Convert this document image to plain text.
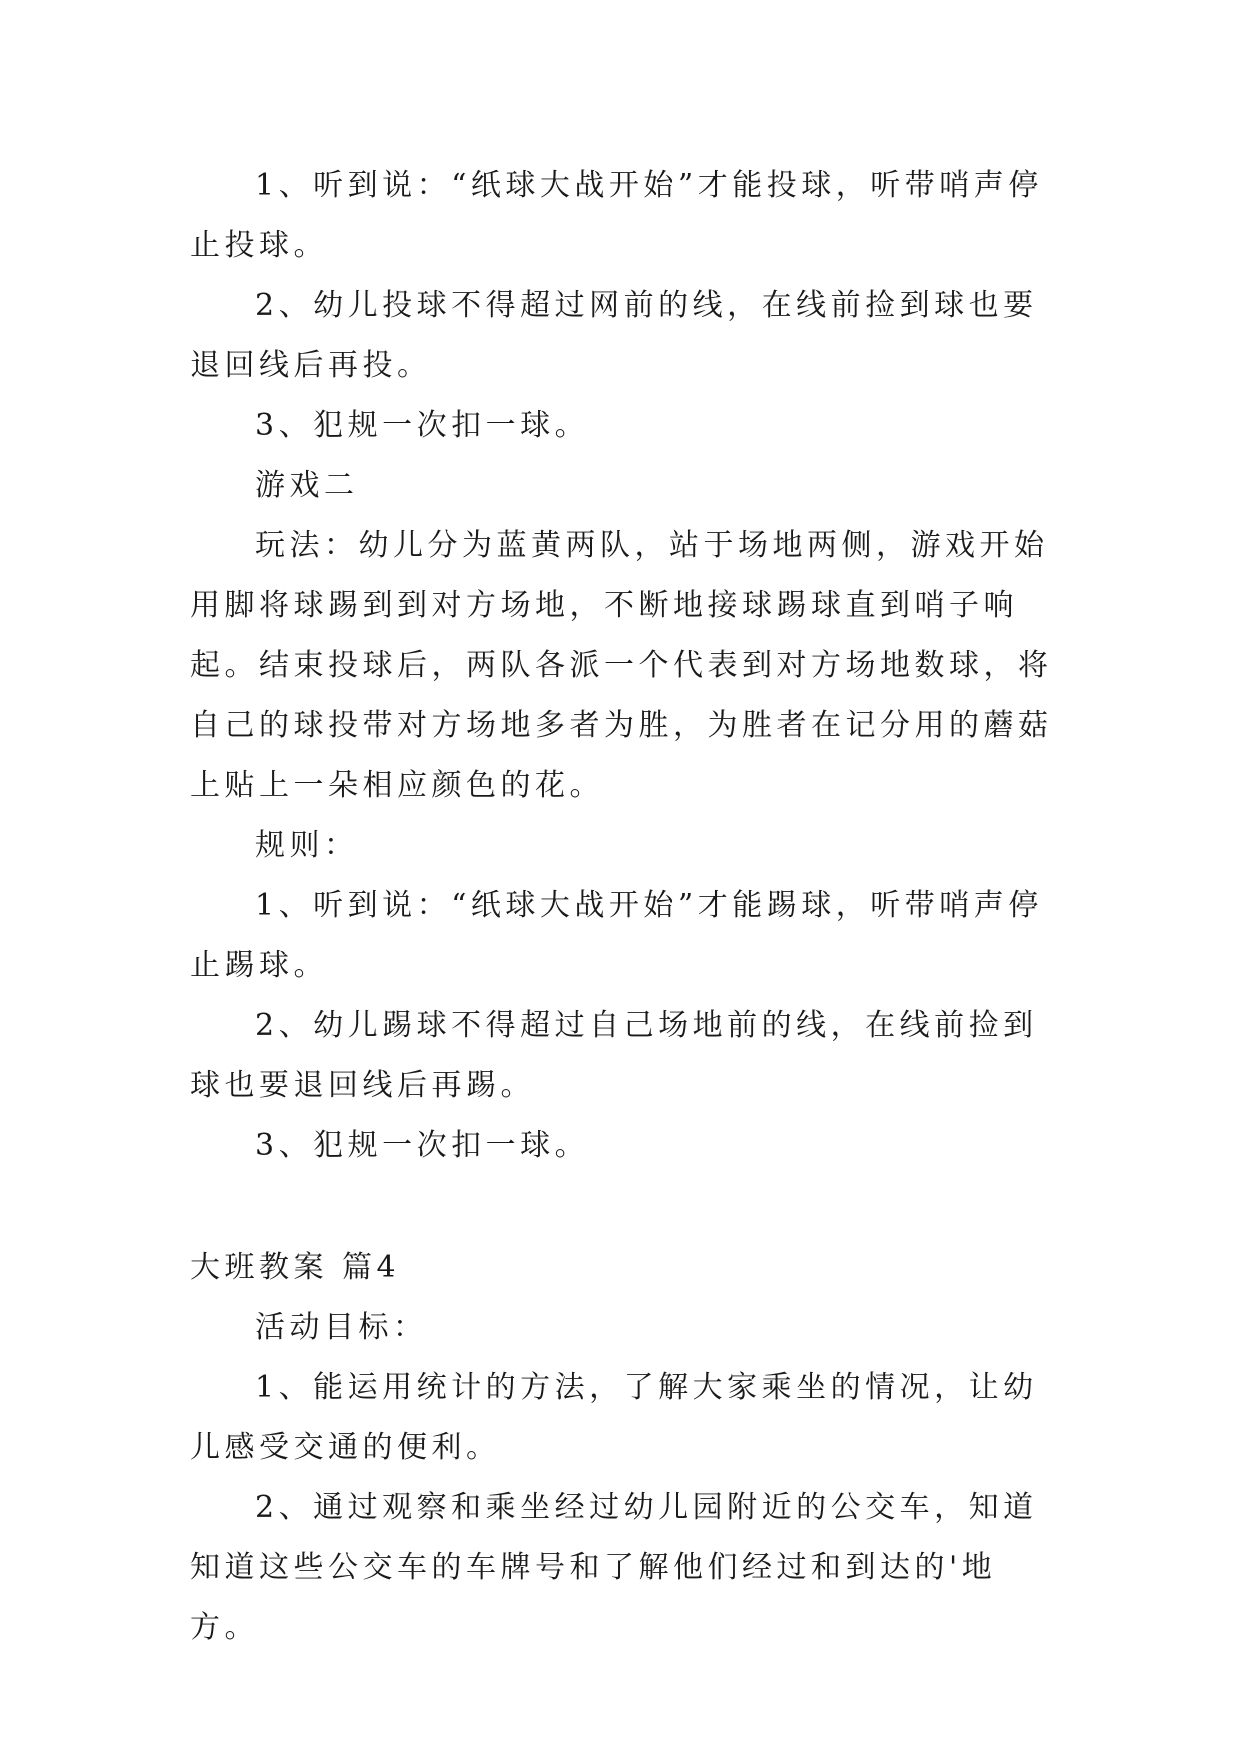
1、听到说：“纸球大战开始”才能投球，听带哨声停止投球。

2、幼儿投球不得超过网前的线，在线前捡到球也要退回线后再投。

3、犯规一次扣一球。

游戏二

玩法：幼儿分为蓝黄两队，站于场地两侧，游戏开始用脚将球踢到到对方场地，不断地接球踢球直到哨子响起。结束投球后，两队各派一个代表到对方场地数球，将自己的球投带对方场地多者为胜，为胜者在记分用的蘑菇上贴上一朵相应颜色的花。

规则：

1、听到说：“纸球大战开始”才能踢球，听带哨声停止踢球。

2、幼儿踢球不得超过自己场地前的线，在线前捡到球也要退回线后再踢。

3、犯规一次扣一球。

大班教案 篇4

活动目标：

1、能运用统计的方法，了解大家乘坐的情况，让幼儿感受交通的便利。

2、通过观察和乘坐经过幼儿园附近的公交车，知道知道这些公交车的车牌号和了解他们经过和到达的'地方。
